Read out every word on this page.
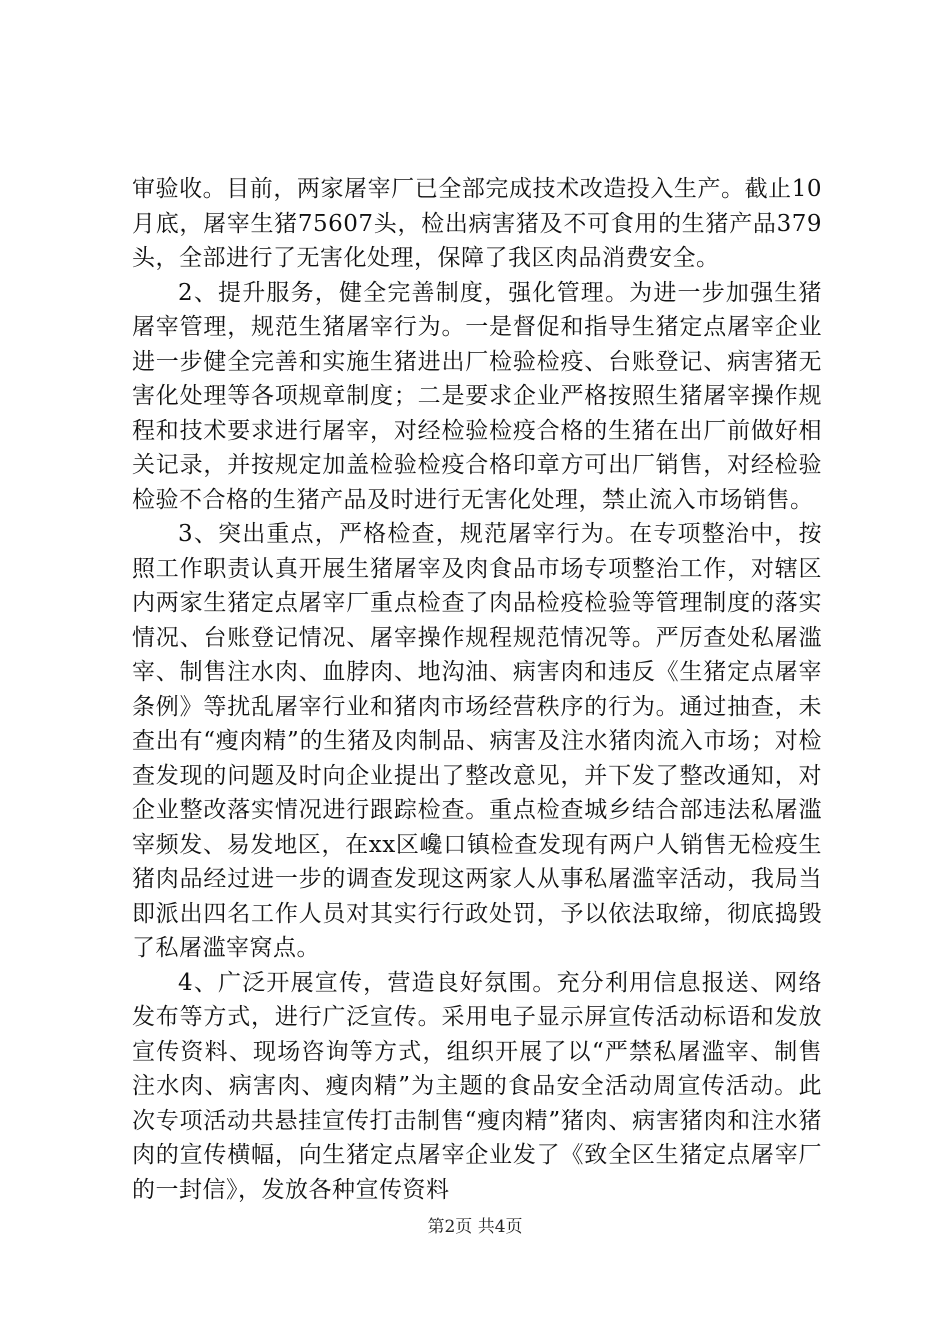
审验收。目前，两家屠宰厂已全部完成技术改造投入生产。截止10月底，屠宰生猪75607头，检出病害猪及不可食用的生猪产品379头，全部进行了无害化处理，保障了我区肉品消费安全。

2、提升服务，健全完善制度，强化管理。为进一步加强生猪屠宰管理，规范生猪屠宰行为。一是督促和指导生猪定点屠宰企业进一步健全完善和实施生猪进出厂检验检疫、台账登记、病害猪无害化处理等各项规章制度；二是要求企业严格按照生猪屠宰操作规程和技术要求进行屠宰，对经检验检疫合格的生猪在出厂前做好相关记录，并按规定加盖检验检疫合格印章方可出厂销售，对经检验检验不合格的生猪产品及时进行无害化处理，禁止流入市场销售。

3、突出重点，严格检查，规范屠宰行为。在专项整治中，按照工作职责认真开展生猪屠宰及肉食品市场专项整治工作，对辖区内两家生猪定点屠宰厂重点检查了肉品检疫检验等管理制度的落实情况、台账登记情况、屠宰操作规程规范情况等。严厉查处私屠滥宰、制售注水肉、血脖肉、地沟油、病害肉和违反《生猪定点屠宰条例》等扰乱屠宰行业和猪肉市场经营秩序的行为。通过抽查，未查出有“瘦肉精”的生猪及肉制品、病害及注水猪肉流入市场；对检查发现的问题及时向企业提出了整改意见，并下发了整改通知，对企业整改落实情况进行跟踪检查。重点检查城乡结合部违法私屠滥宰频发、易发地区，在xx区巉口镇检查发现有两户人销售无检疫生猪肉品经过进一步的调查发现这两家人从事私屠滥宰活动，我局当即派出四名工作人员对其实行行政处罚，予以依法取缔，彻底捣毁了私屠滥宰窝点。

4、广泛开展宣传，营造良好氛围。充分利用信息报送、网络发布等方式，进行广泛宣传。采用电子显示屏宣传活动标语和发放宣传资料、现场咨询等方式，组织开展了以“严禁私屠滥宰、制售注水肉、病害肉、瘦肉精”为主题的食品安全活动周宣传活动。此次专项活动共悬挂宣传打击制售“瘦肉精”猪肉、病害猪肉和注水猪肉的宣传横幅，向生猪定点屠宰企业发了《致全区生猪定点屠宰厂的一封信》，发放各种宣传资料

第2页 共4页
